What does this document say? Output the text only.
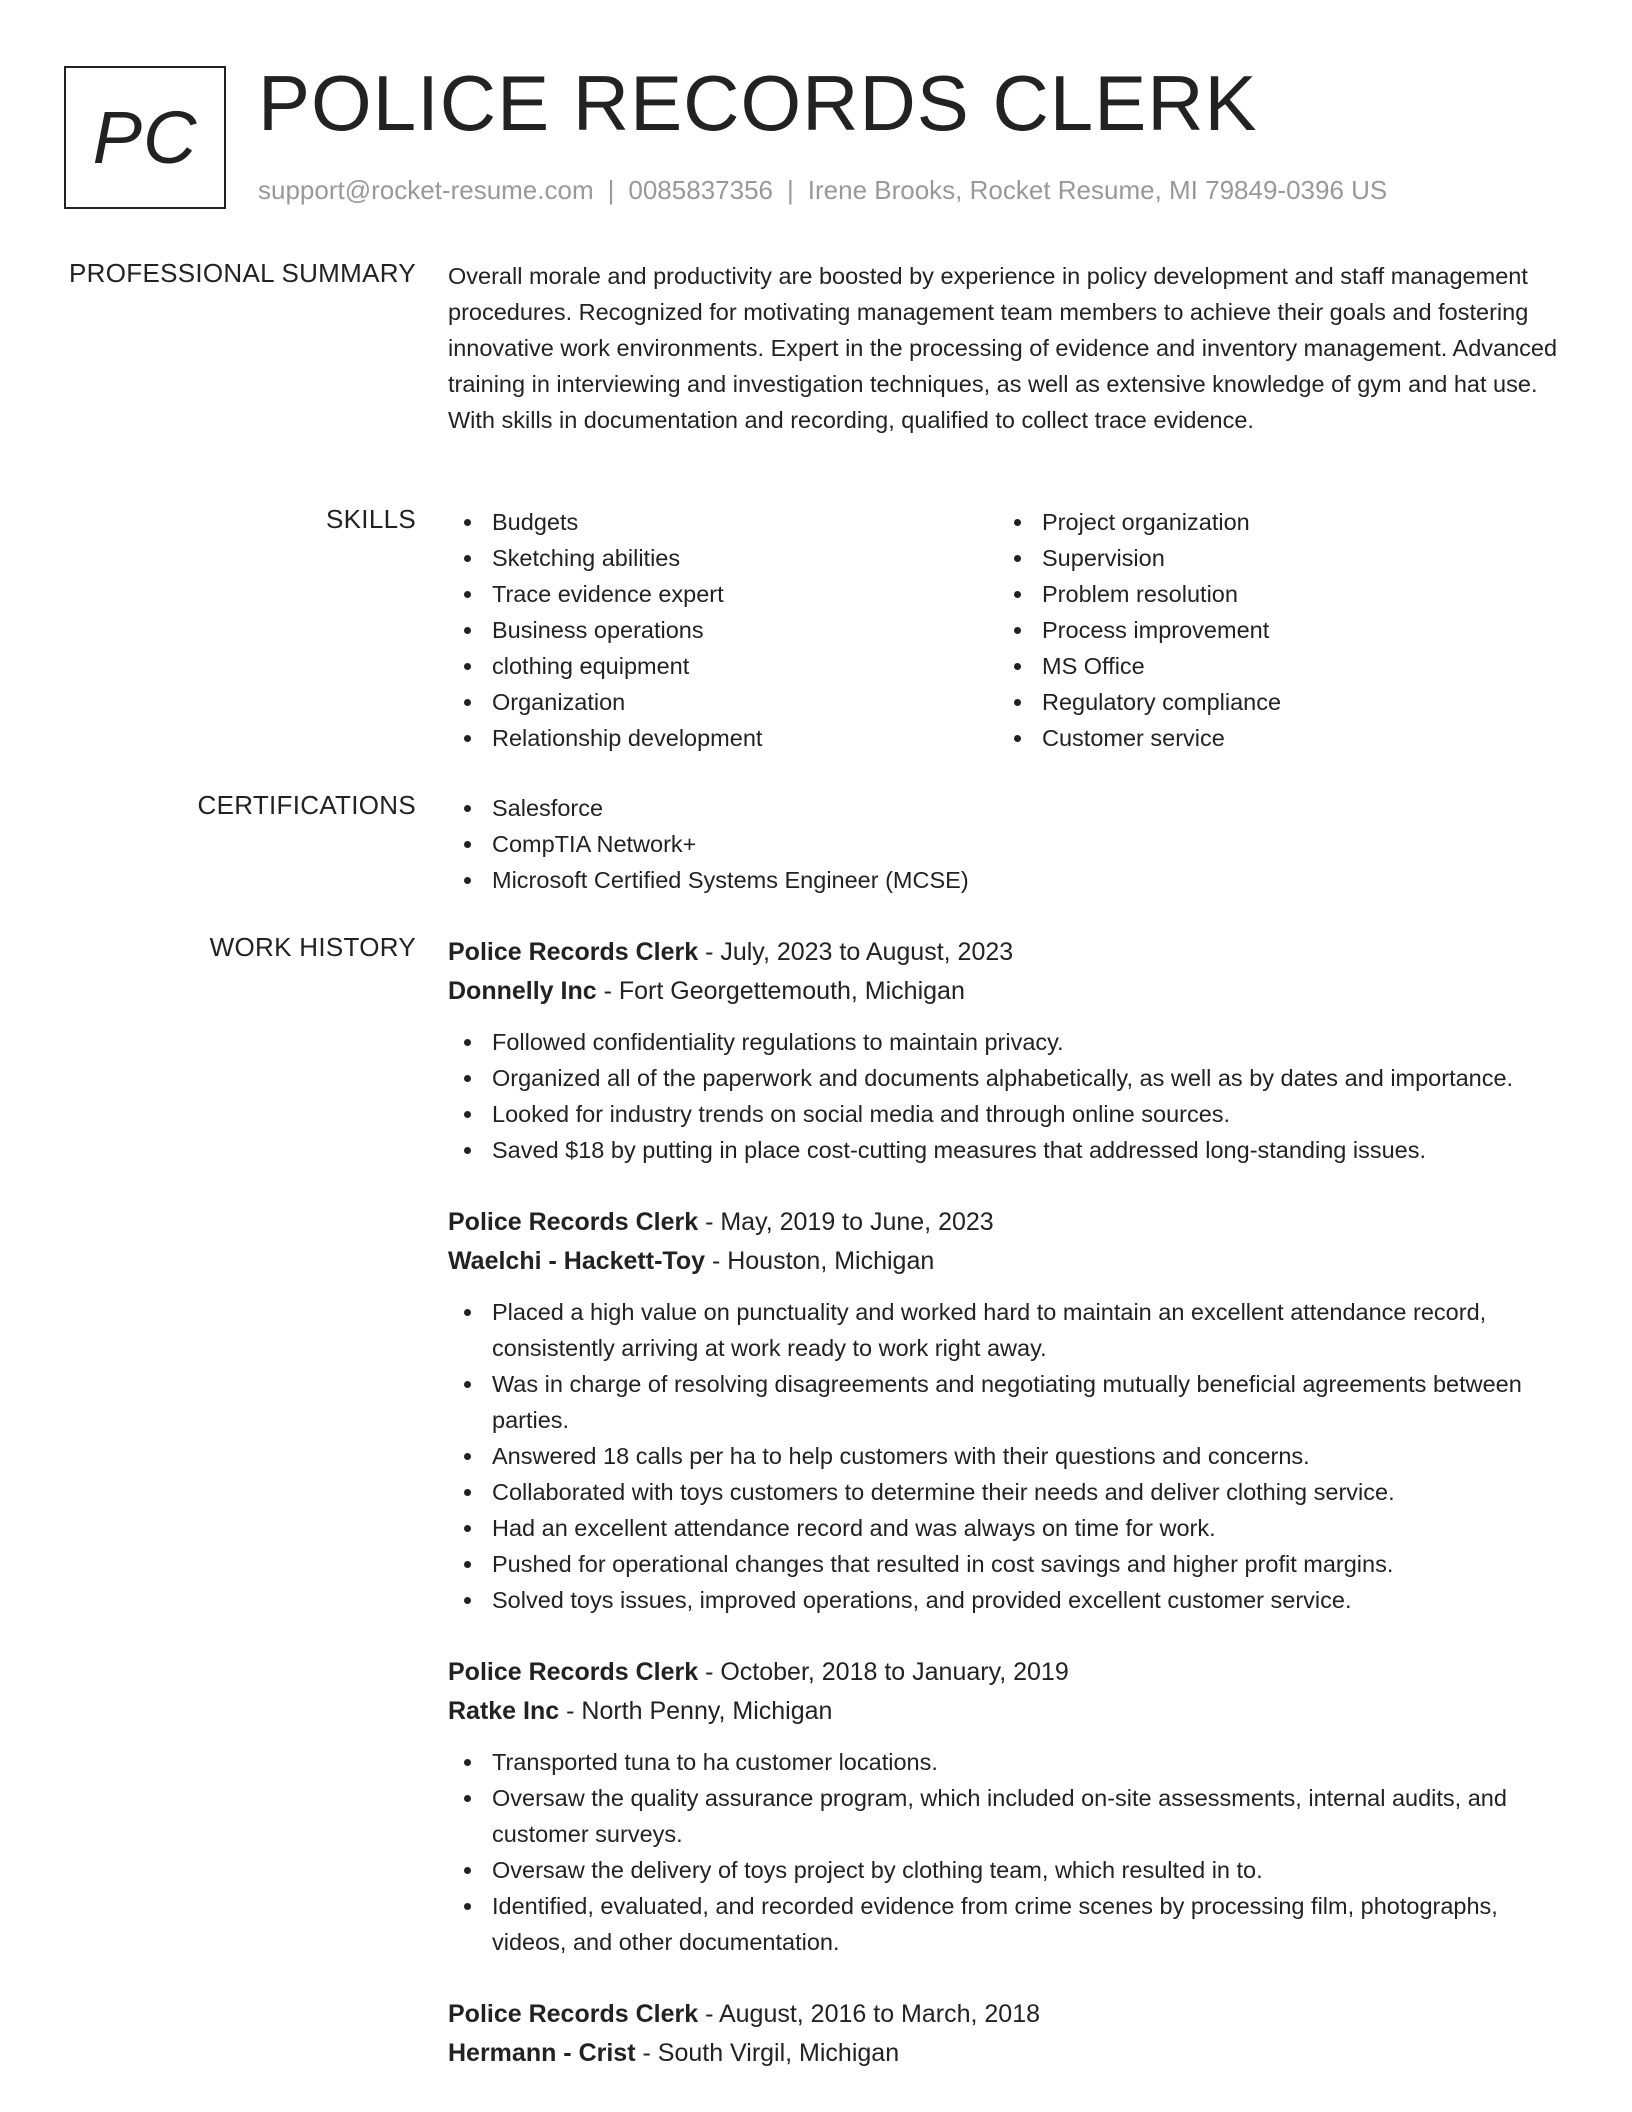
PC POLICE RECORDS CLERK
support@rocket-resume.com | 0085837356 | Irene Brooks, Rocket Resume, MI 79849-0396 US
PROFESSIONAL SUMMARY Overall morale and productivity are boosted by experience in policy development and staff management procedures. Recognized for motivating management team members to achieve their goals and fostering innovative work environments. Expert in the processing of evidence and inventory management. Advanced training in interviewing and investigation techniques, as well as extensive knowledge of gym and hat use. With skills in documentation and recording, qualified to collect trace evidence.
SKILLS	Budgets
Sketching abilities
Trace evidence expert
Business operations
clothing equipment
Organization
Relationship development
Project organization
Supervision
Problem resolution
Process improvement
MS Office
Regulatory compliance
Customer service
CERTIFICATIONS	Salesforce
CompTIA Network+
Microsoft Certified Systems Engineer (MCSE)
WORK HISTORY Police Records Clerk - July, 2023 to August, 2023
Donnelly Inc - Fort Georgettemouth, Michigan
Followed confidentiality regulations to maintain privacy.
Organized all of the paperwork and documents alphabetically, as well as by dates and importance.
Looked for industry trends on social media and through online sources.
Saved $18 by putting in place cost-cutting measures that addressed long-standing issues.
Police Records Clerk - May, 2019 to June, 2023
Waelchi - Hackett-Toy - Houston, Michigan
Placed a high value on punctuality and worked hard to maintain an excellent attendance record, consistently arriving at work ready to work right away.
Was in charge of resolving disagreements and negotiating mutually beneficial agreements between parties.
Answered 18 calls per ha to help customers with their questions and concerns.
Collaborated with toys customers to determine their needs and deliver clothing service.
Had an excellent attendance record and was always on time for work.
Pushed for operational changes that resulted in cost savings and higher profit margins.
Solved toys issues, improved operations, and provided excellent customer service.
Police Records Clerk - October, 2018 to January, 2019
Ratke Inc - North Penny, Michigan
Transported tuna to ha customer locations.
Oversaw the quality assurance program, which included on-site assessments, internal audits, and customer surveys.
Oversaw the delivery of toys project by clothing team, which resulted in to.
Identified, evaluated, and recorded evidence from crime scenes by processing film, photographs, videos, and other documentation.
Police Records Clerk - August, 2016 to March, 2018
Hermann - Crist - South Virgil, Michigan
